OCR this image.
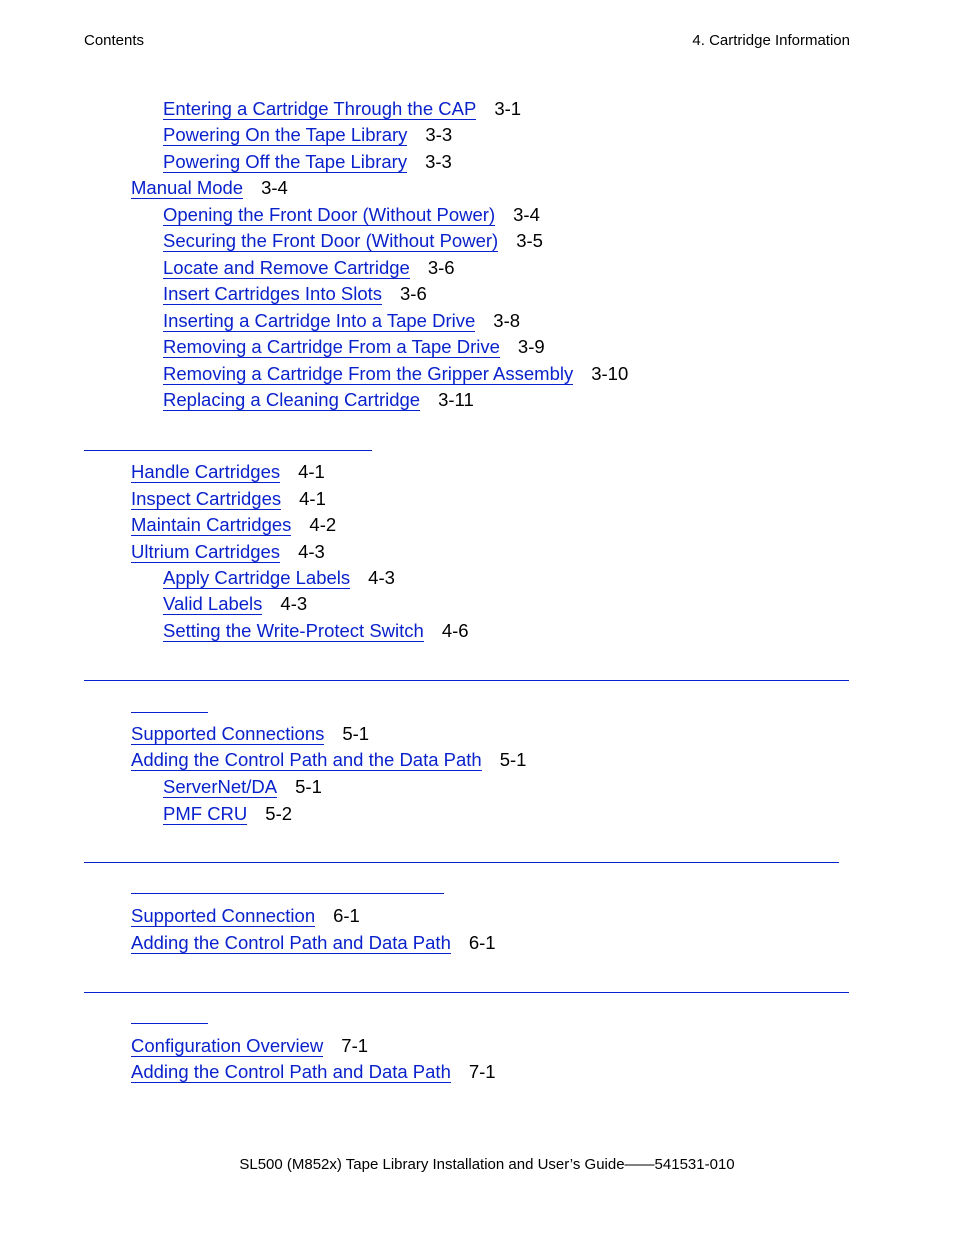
Contents	4. Cartridge Information
Entering a Cartridge Through the CAP 3-1
Powering On the Tape Library 3-3
Powering Off the Tape Library 3-3
Manual Mode 3-4
Opening the Front Door (Without Power) 3-4
Securing the Front Door (Without Power) 3-5
Locate and Remove Cartridge 3-6
Insert Cartridges Into Slots 3-6
Inserting a Cartridge Into a Tape Drive 3-8
Removing a Cartridge From a Tape Drive 3-9
Removing a Cartridge From the Gripper Assembly 3-10
Replacing a Cleaning Cartridge 3-11
Handle Cartridges 4-1
Inspect Cartridges 4-1
Maintain Cartridges 4-2
Ultrium Cartridges 4-3
Apply Cartridge Labels 4-3
Valid Labels 4-3
Setting the Write-Protect Switch 4-6
Supported Connections 5-1
Adding the Control Path and the Data Path 5-1
ServerNet/DA 5-1
PMF CRU 5-2
Supported Connection 6-1
Adding the Control Path and Data Path 6-1
Configuration Overview 7-1
Adding the Control Path and Data Path 7-1
SL500 (M852x) Tape Library Installation and User’s Guide——541531-010
